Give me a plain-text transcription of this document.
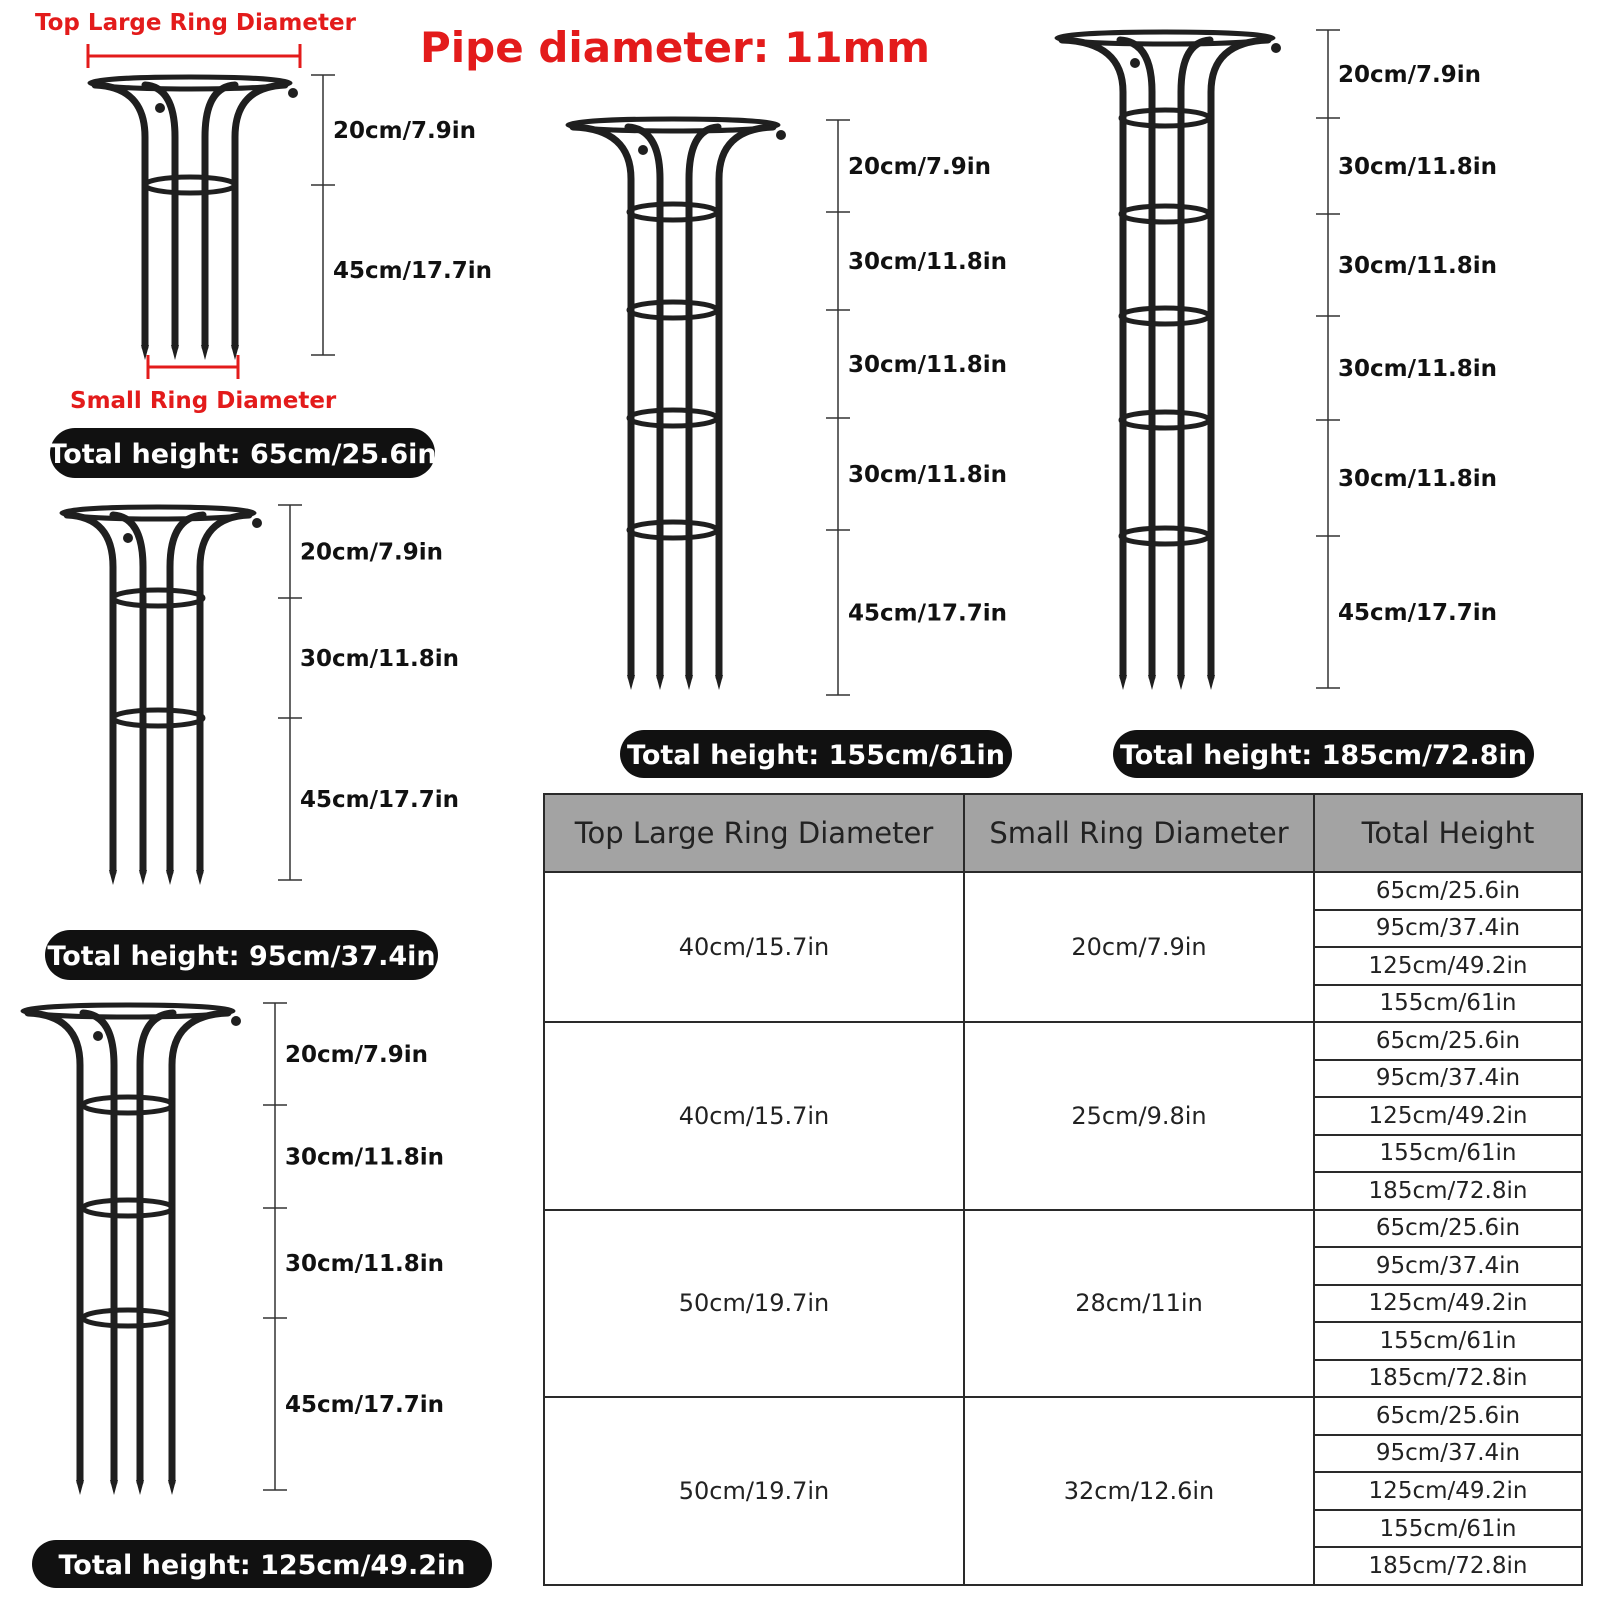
Pipe diameter: 11mm
Top Large Ring Diameter
Small Ring Diameter
20cm/7.9in
45cm/17.7in
Total height: 65cm/25.6in
20cm/7.9in
30cm/11.8in
45cm/17.7in
Total height: 95cm/37.4in
20cm/7.9in
30cm/11.8in
30cm/11.8in
45cm/17.7in
Total height: 125cm/49.2in
20cm/7.9in
30cm/11.8in
30cm/11.8in
30cm/11.8in
45cm/17.7in
Total height: 155cm/61in
20cm/7.9in
30cm/11.8in
30cm/11.8in
30cm/11.8in
30cm/11.8in
45cm/17.7in
Total height: 185cm/72.8in
Top Large Ring Diameter	Small Ring Diameter	Total Height
40cm/15.7in	20cm/7.9in	65cm/25.6in
		95cm/37.4in
		125cm/49.2in
		155cm/61in
40cm/15.7in	25cm/9.8in	65cm/25.6in
		95cm/37.4in
		125cm/49.2in
		155cm/61in
		185cm/72.8in
50cm/19.7in	28cm/11in	65cm/25.6in
		95cm/37.4in
		125cm/49.2in
		155cm/61in
		185cm/72.8in
50cm/19.7in	32cm/12.6in	65cm/25.6in
		95cm/37.4in
		125cm/49.2in
		155cm/61in
		185cm/72.8in
